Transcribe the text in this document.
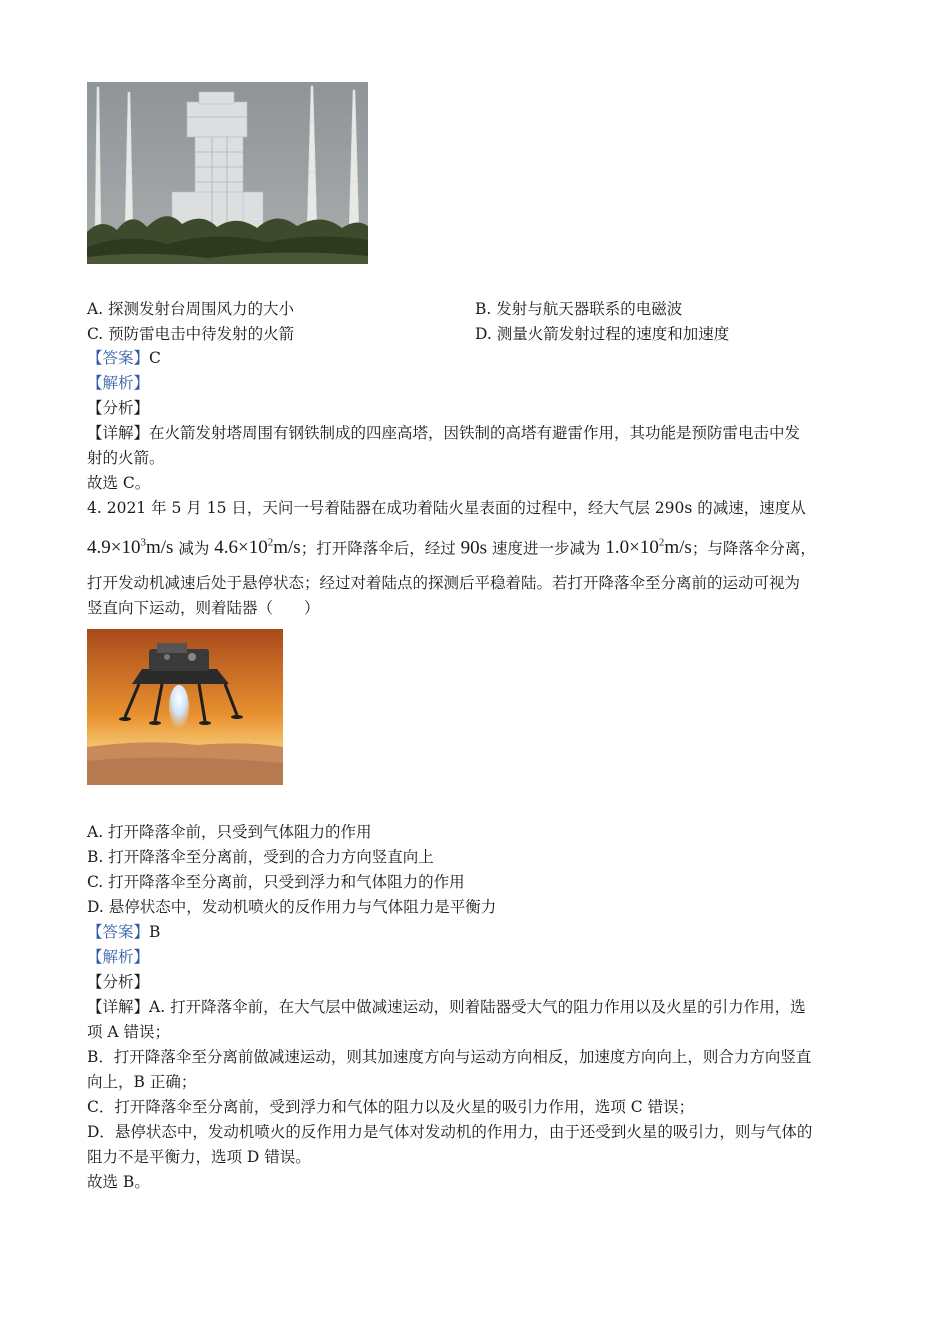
A. 探测发射台周围风力的大小	B. 发射与航天器联系的电磁波
C. 预防雷电击中待发射的火箭	D. 测量火箭发射过程的速度和加速度
【答案】C
【解析】
【分析】
【详解】在火箭发射塔周围有钢铁制成的四座高塔，因铁制的高塔有避雷作用，其功能是预防雷电击中发
射的火箭。
故选 C。
4. 2021 年 5 月 15 日，天问一号着陆器在成功着陆火星表面的过程中，经大气层 290s 的减速，速度从
$4.9\times 10^3m/s$ 减为 $4.6\times 10^2m/s$；打开降落伞后，经过 90s 速度进一步减为 $1.0\times 10^2m/s$；与降落伞分离，
打开发动机减速后处于悬停状态；经过对着陆点的探测后平稳着陆。若打开降落伞至分离前的运动可视为
竖直向下运动，则着陆器（　　）
A. 打开降落伞前，只受到气体阻力的作用
B. 打开降落伞至分离前，受到的合力方向竖直向上
C. 打开降落伞至分离前，只受到浮力和气体阻力的作用
D. 悬停状态中，发动机喷火的反作用力与气体阻力是平衡力
【答案】B
【解析】
【分析】
【详解】A. 打开降落伞前，在大气层中做减速运动，则着陆器受大气的阻力作用以及火星的引力作用，选
项 A 错误；
B．打开降落伞至分离前做减速运动，则其加速度方向与运动方向相反，加速度方向向上，则合力方向竖直
向上，B 正确；
C．打开降落伞至分离前，受到浮力和气体的阻力以及火星的吸引力作用，选项 C 错误；
D．悬停状态中，发动机喷火的反作用力是气体对发动机的作用力，由于还受到火星的吸引力，则与气体的
阻力不是平衡力，选项 D 错误。
故选 B。
